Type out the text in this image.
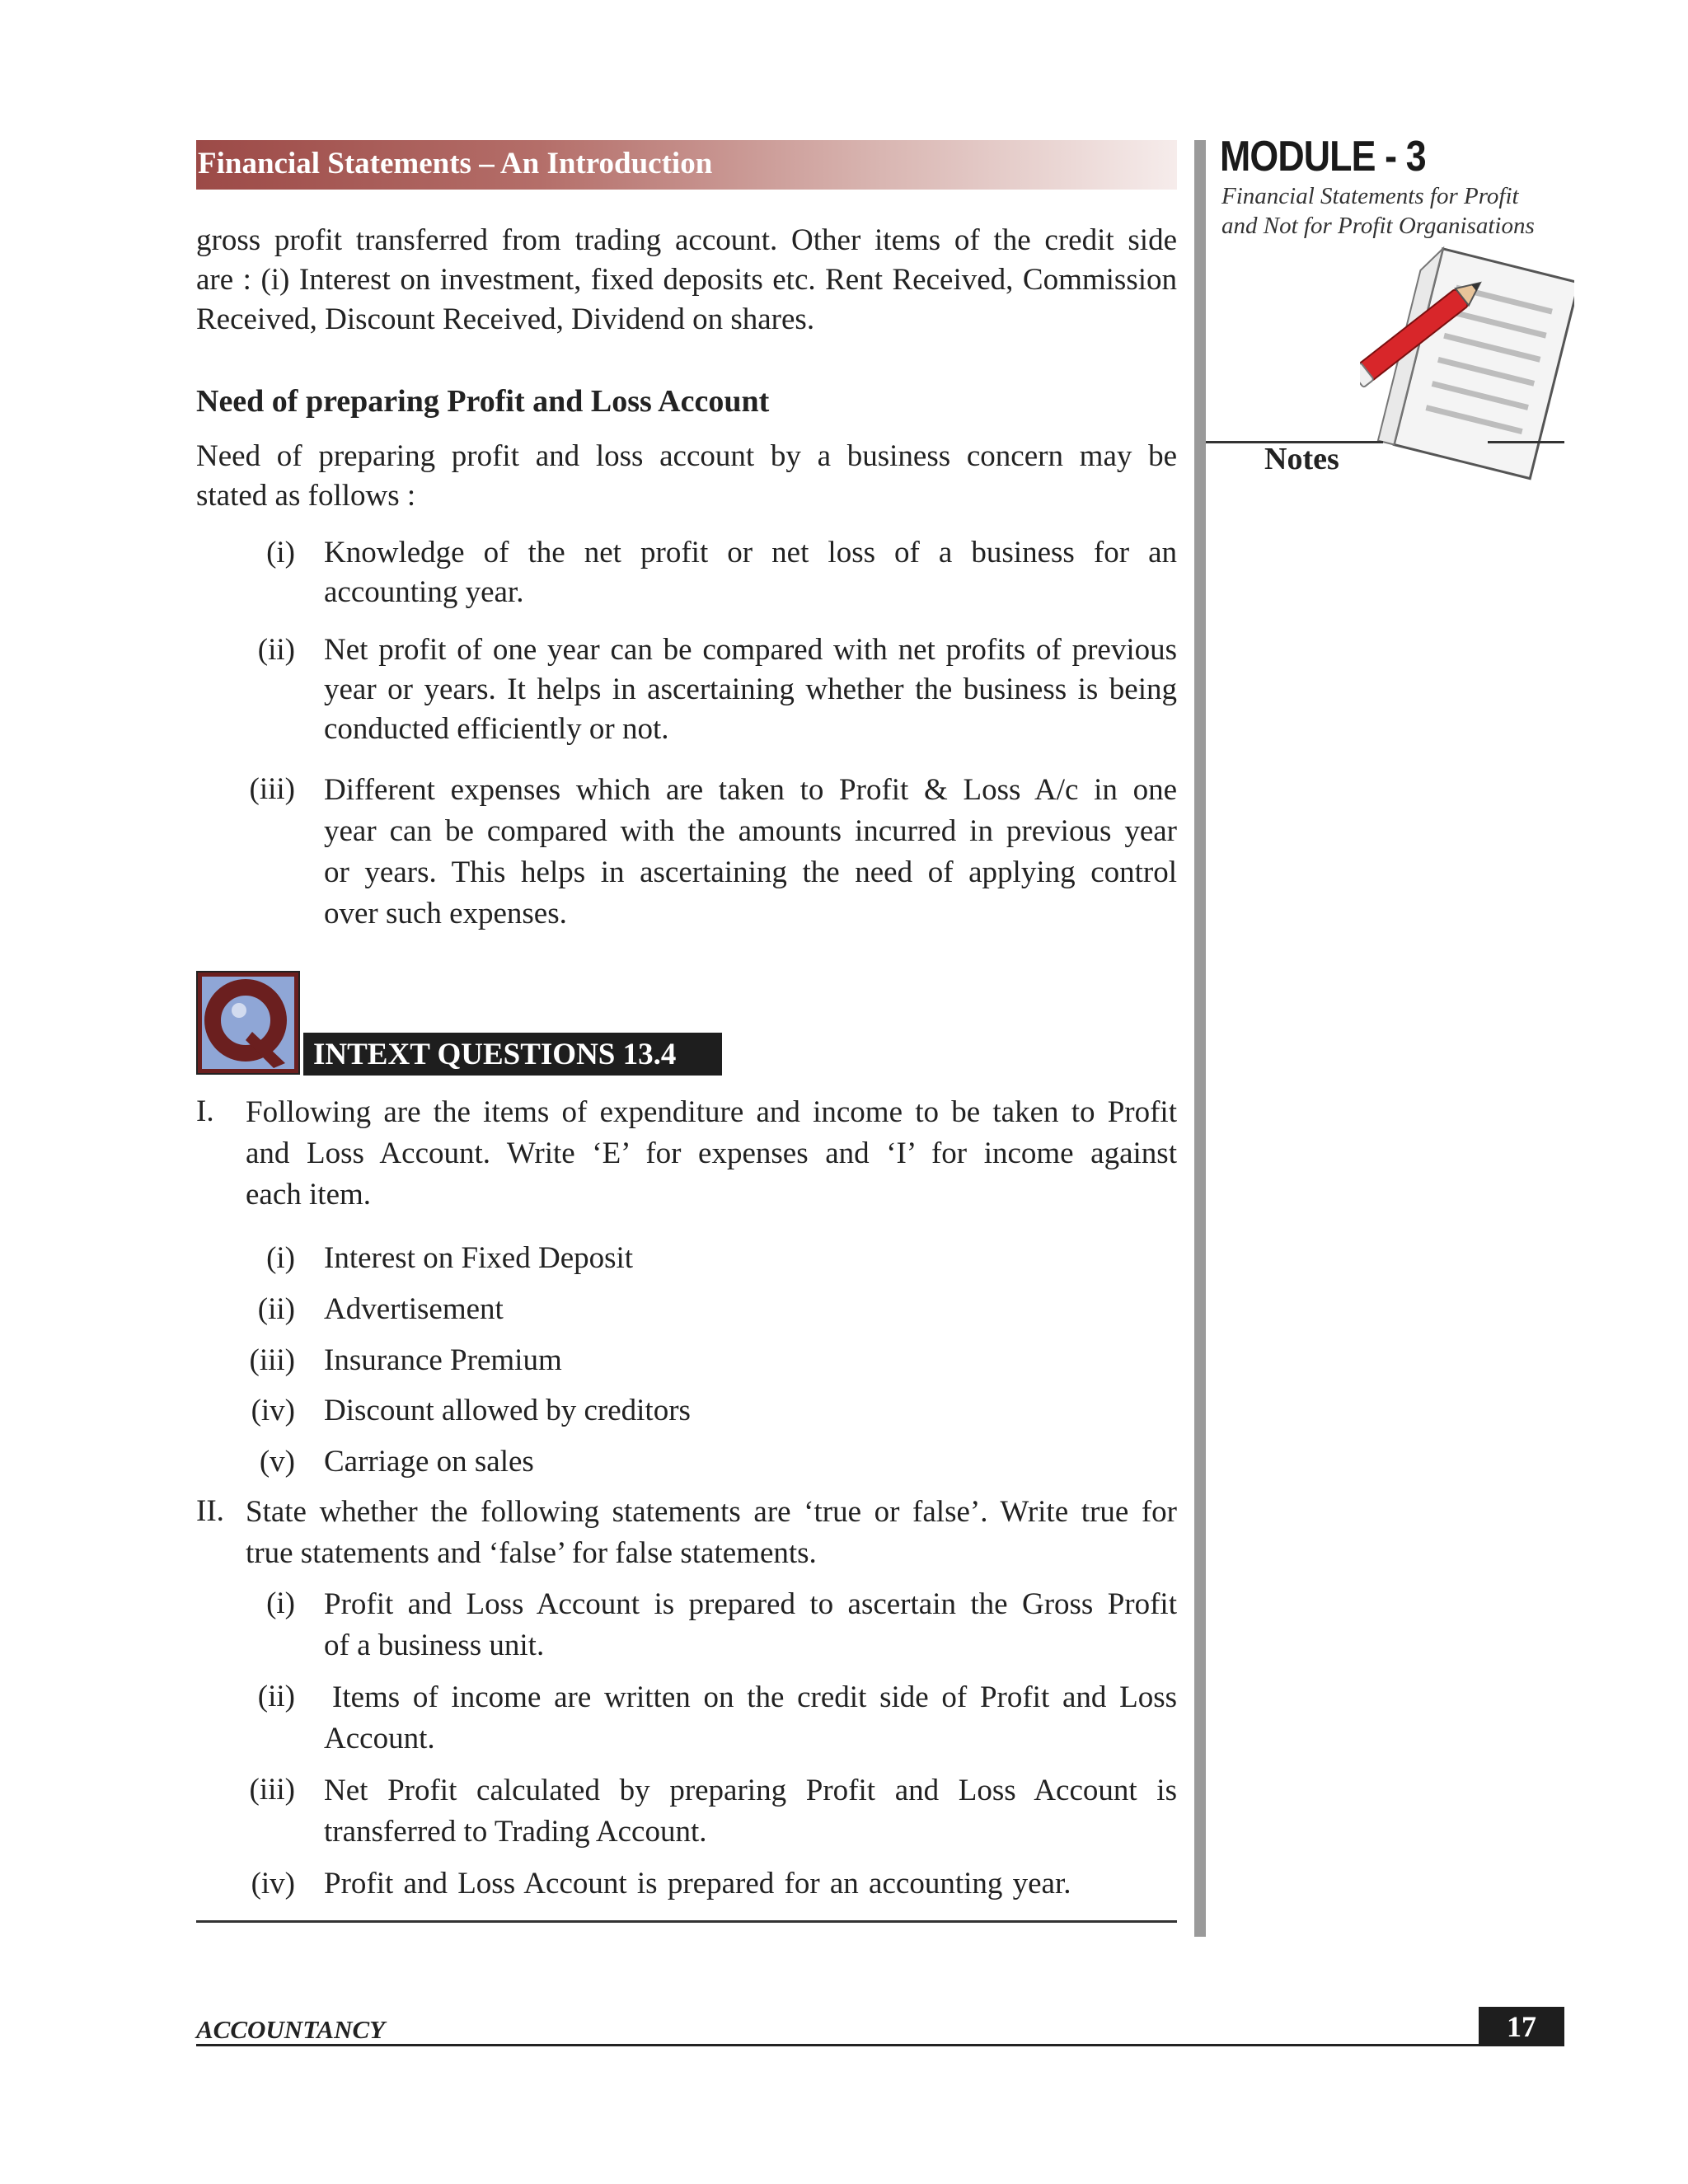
Financial Statements – An Introduction	MODULE - 3
Financial Statements for Profit
and Not for Profit Organisations
Notes
gross profit transferred from trading account. Other items of the credit side
are : (i) Interest on investment, fixed deposits etc. Rent Received, Commission
Received, Discount Received, Dividend on shares.
Need of preparing Profit and Loss Account
Need of preparing profit and loss account by a business concern may be
stated as follows :
(i) Knowledge of the net profit or net loss of a business for an
accounting year.
(ii) Net profit of one year can be compared with net profits of previous
year or years. It helps in ascertaining whether the business is being
conducted efficiently or not.
(iii) Different expenses which are taken to Profit & Loss A/c in one
year can be compared with the amounts incurred in previous year
or years. This helps in ascertaining the need of applying control
over such expenses.
INTEXT QUESTIONS 13.4
I. Following are the items of expenditure and income to be taken to Profit
and Loss Account. Write ‘E’ for expenses and ‘I’ for income against
each item.
(i) Interest on Fixed Deposit
(ii) Advertisement
(iii) Insurance Premium
(iv) Discount allowed by creditors
(v) Carriage on sales
II. State whether the following statements are ‘true or false’. Write true for
true statements and ‘false’ for false statements.
(i) Profit and Loss Account is prepared to ascertain the Gross Profit
of a business unit.
(ii) Items of income are written on the credit side of Profit and Loss
Account.
(iii) Net Profit calculated by preparing Profit and Loss Account is
transferred to Trading Account.
(iv) Profit and Loss Account is prepared for an accounting year.
ACCOUNTANCY	17
